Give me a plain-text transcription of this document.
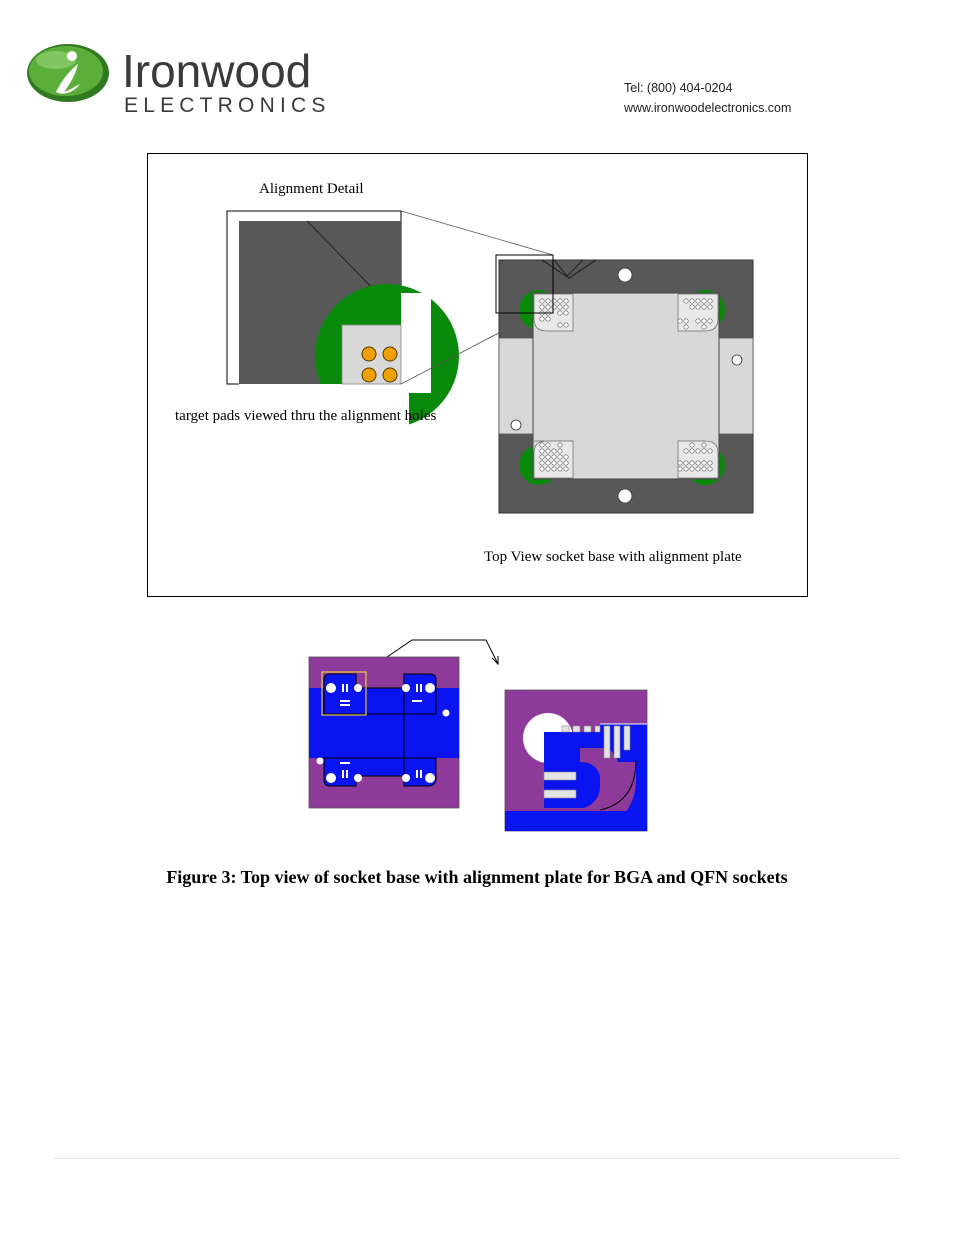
Ironwood
ELECTRONICS
Tel: (800) 404-0204
www.ironwoodelectronics.com
Alignment Detail
target pads viewed thru the alignment holes
Top View socket base with alignment plate
Figure 3: Top view of socket base with alignment plate for BGA and QFN sockets
